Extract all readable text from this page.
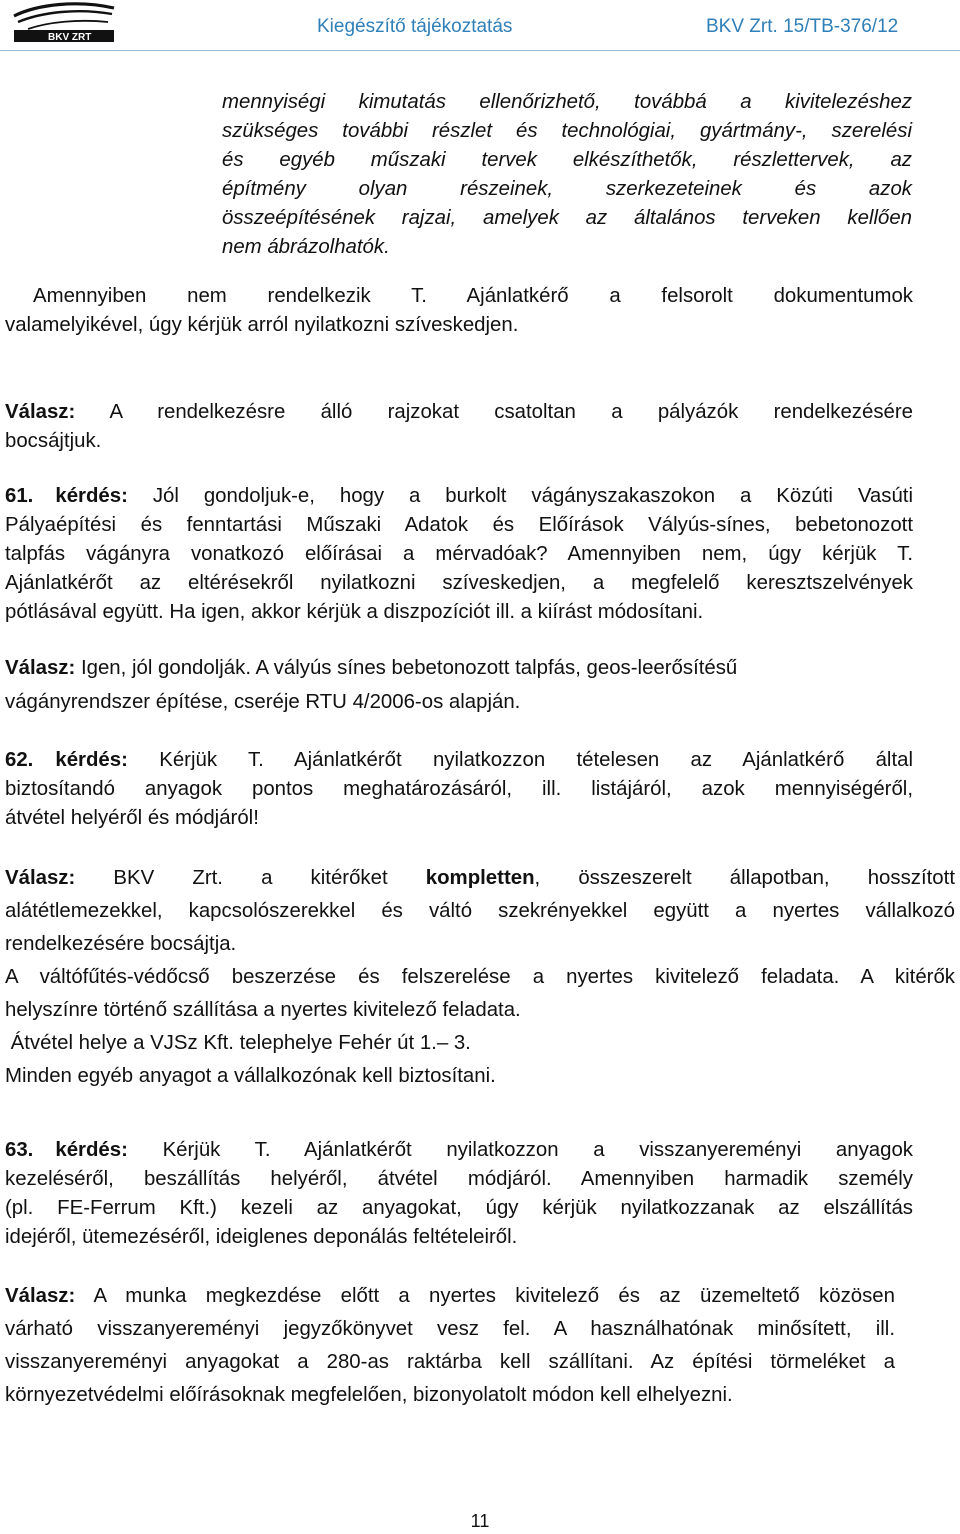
BKV ZRT
Kiegészítő tájékoztatás	BKV Zrt. 15/TB-376/12
mennyiségi kimutatás ellenőrizhető, továbbá a kivitelezéshez
szükséges további részlet és technológiai, gyártmány-, szerelési
és egyéb műszaki tervek elkészíthetők, részlettervek, az
építmény olyan részeinek, szerkezeteinek és azok
összeépítésének rajzai, amelyek az általános terveken kellően
nem ábrázolhatók.
Amennyiben nem rendelkezik T. Ajánlatkérő a felsorolt dokumentumok
valamelyikével, úgy kérjük arról nyilatkozni szíveskedjen.
Válasz: A rendelkezésre álló rajzokat csatoltan a pályázók rendelkezésére
bocsájtjuk.
61. kérdés: Jól gondoljuk-e, hogy a burkolt vágányszakaszokon a Közúti Vasúti
Pályaépítési és fenntartási Műszaki Adatok és Előírások Vályús-sínes, bebetonozott
talpfás vágányra vonatkozó előírásai a mérvadóak? Amennyiben nem, úgy kérjük T.
Ajánlatkérőt az eltérésekről nyilatkozni szíveskedjen, a megfelelő keresztszelvények
pótlásával együtt. Ha igen, akkor kérjük a diszpozíciót ill. a kiírást módosítani.
Válasz: Igen, jól gondolják. A vályús sínes bebetonozott talpfás, geos-leerősítésű
vágányrendszer építése, cseréje RTU 4/2006-os alapján.
62. kérdés: Kérjük T. Ajánlatkérőt nyilatkozzon tételesen az Ajánlatkérő által
biztosítandó anyagok pontos meghatározásáról, ill. listájáról, azok mennyiségéről,
átvétel helyéről és módjáról!
Válasz: BKV Zrt. a kitérőket kompletten, összeszerelt állapotban, hosszított
alátétlemezekkel, kapcsolószerekkel és váltó szekrényekkel együtt a nyertes vállalkozó
rendelkezésére bocsájtja.
A váltófűtés-védőcső beszerzése és felszerelése a nyertes kivitelező feladata. A kitérők
helyszínre történő szállítása a nyertes kivitelező feladata.
Átvétel helye a VJSz Kft. telephelye Fehér út 1.– 3.
Minden egyéb anyagot a vállalkozónak kell biztosítani.
63. kérdés: Kérjük T. Ajánlatkérőt nyilatkozzon a visszanyereményi anyagok
kezeléséről, beszállítás helyéről, átvétel módjáról. Amennyiben harmadik személy
(pl. FE-Ferrum Kft.) kezeli az anyagokat, úgy kérjük nyilatkozzanak az elszállítás
idejéről, ütemezéséről, ideiglenes deponálás feltételeiről.
Válasz: A munka megkezdése előtt a nyertes kivitelező és az üzemeltető közösen
várható visszanyereményi jegyzőkönyvet vesz fel. A használhatónak minősített, ill.
visszanyereményi anyagokat a 280-as raktárba kell szállítani. Az építési törmeléket a
környezetvédelmi előírásoknak megfelelően, bizonyolatolt módon kell elhelyezni.
11
